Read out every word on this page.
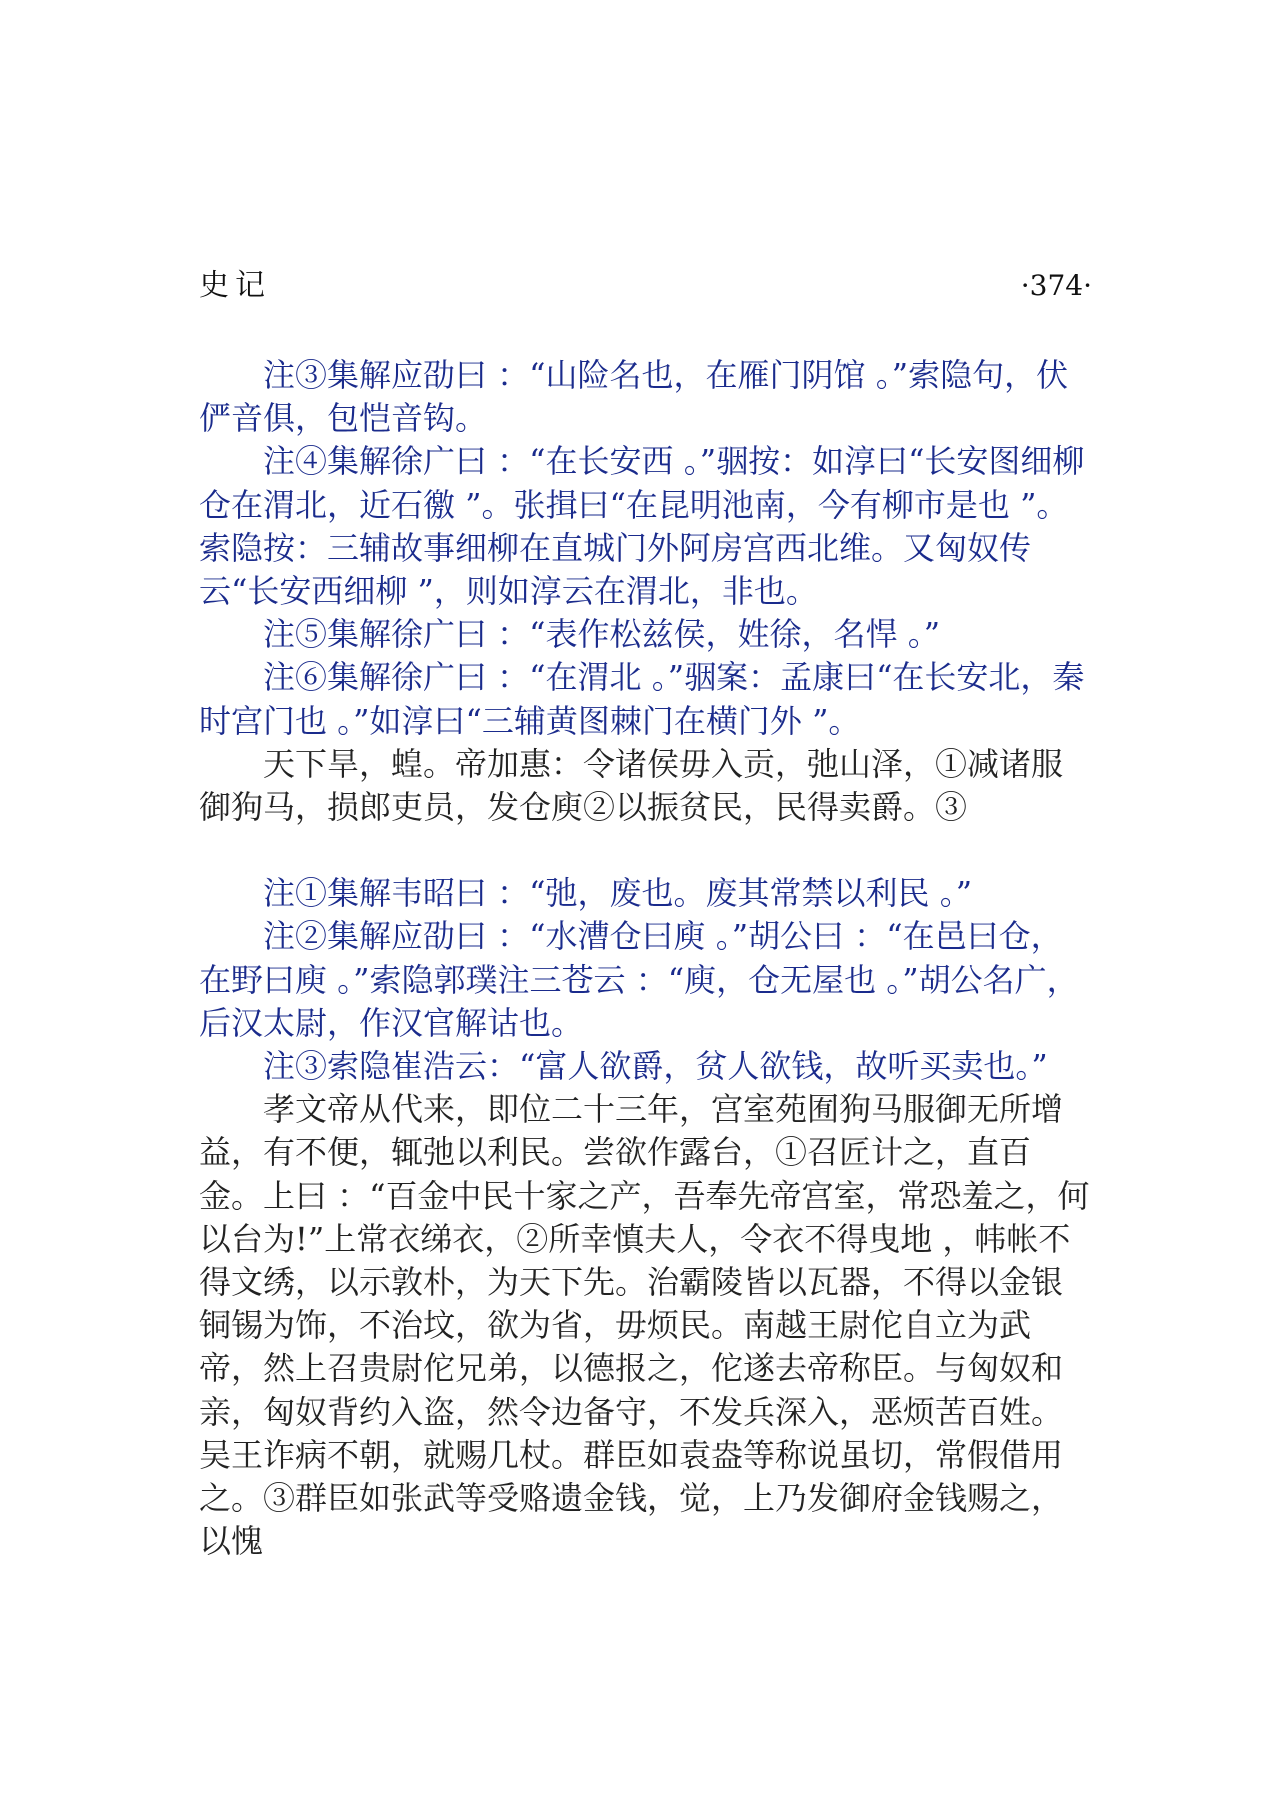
史记	·374·

注③集解应劭曰 ：“山险名也，在雁门阴馆 。”索隐句，伏俨音俱，包恺音钩。

注④集解徐广曰 ：“在长安西 。”骃按：如淳曰“长安图细柳仓在渭北，近石徼 ”。张揖曰“在昆明池南，今有柳市是也 ”。索隐按：三辅故事细柳在直城门外阿房宫西北维。又匈奴传云“长安西细柳 ”，则如淳云在渭北，非也。

注⑤集解徐广曰 ：“表作松兹侯，姓徐，名悍 。”

注⑥集解徐广曰 ：“在渭北 。”骃案：孟康曰“在长安北，秦时宫门也 。”如淳曰“三辅黄图棘门在横门外 ”。

天下旱，蝗。帝加惠：令诸侯毋入贡，弛山泽，①减诸服御狗马，损郎吏员，发仓庾②以振贫民，民得卖爵。③

注①集解韦昭曰 ：“弛，废也。废其常禁以利民 。”

注②集解应劭曰 ：“水漕仓曰庾 。”胡公曰 ：“在邑曰仓，在野曰庾 。”索隐郭璞注三苍云 ：“庾，仓无屋也 。”胡公名广，后汉太尉，作汉官解诂也。

注③索隐崔浩云：“富人欲爵，贫人欲钱，故听买卖也。”

孝文帝从代来，即位二十三年，宫室苑囿狗马服御无所增益，有不便，辄弛以利民。尝欲作露台，①召匠计之，直百金。上曰 ：“百金中民十家之产，吾奉先帝宫室，常恐羞之，何以台为!”上常衣绨衣，②所幸慎夫人，令衣不得曳地 ，帏帐不得文绣，以示敦朴，为天下先。治霸陵皆以瓦器，不得以金银铜锡为饰，不治坟，欲为省，毋烦民。南越王尉佗自立为武帝，然上召贵尉佗兄弟，以德报之，佗遂去帝称臣。与匈奴和亲，匈奴背约入盗，然令边备守，不发兵深入，恶烦苦百姓。吴王诈病不朝，就赐几杖。群臣如袁盎等称说虽切，常假借用之。③群臣如张武等受赂遗金钱，觉，上乃发御府金钱赐之，以愧
